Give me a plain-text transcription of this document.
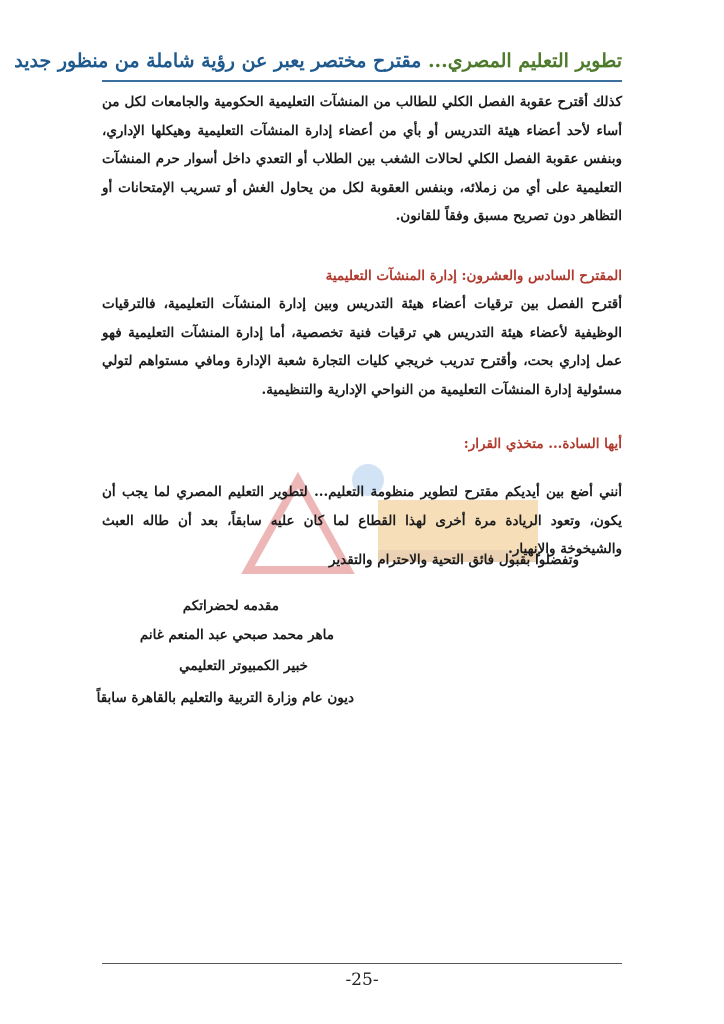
تطوير التعليم المصري... مقترح مختصر يعبر عن رؤية شاملة من منظور جديد
كذلك أقترح عقوبة الفصل الكلي للطالب من المنشآت التعليمية الحكومية والجامعات لكل من أساء لأحد أعضاء هيئة التدريس أو بأي من أعضاء إدارة المنشآت التعليمية وهيكلها الإداري، وبنفس عقوبة الفصل الكلي لحالات الشغب بين الطلاب أو التعدي داخل أسوار حرم المنشآت التعليمية على أي من زملائه، وبنفس العقوبة لكل من يحاول الغش أو تسريب الإمتحانات أو التظاهر دون تصريح مسبق وفقاً للقانون.
المقترح السادس والعشرون: إدارة المنشآت التعليمية
أقترح الفصل بين ترقيات أعضاء هيئة التدريس وبين إدارة المنشآت التعليمية، فالترقيات الوظيفية لأعضاء هيئة التدريس هي ترقيات فنية تخصصية، أما إدارة المنشآت التعليمية فهو عمل إداري بحت، وأقترح تدريب خريجي كليات التجارة شعبة الإدارة ومافي مستواهم لتولي مسئولية إدارة المنشآت التعليمية من النواحي الإدارية والتنظيمية.
أيها السادة... متخذي القرار:
أنني أضع بين أيديكم مقترح لتطوير منظومة التعليم... لتطوير التعليم المصري لما يجب أن يكون، وتعود الريادة مرة أخرى لهذا القطاع لما كان عليه سابقاً، بعد أن طاله العبث والشيخوخة والإنهيار.
وتفضلوا بقبول فائق التحية والاحترام والتقدير
مقدمه لحضراتكم
ماهر محمد صبحي عبد المنعم غانم
خبير الكمبيوتر التعليمي
ديون عام وزارة التربية والتعليم بالقاهرة سابقاً
-25-
